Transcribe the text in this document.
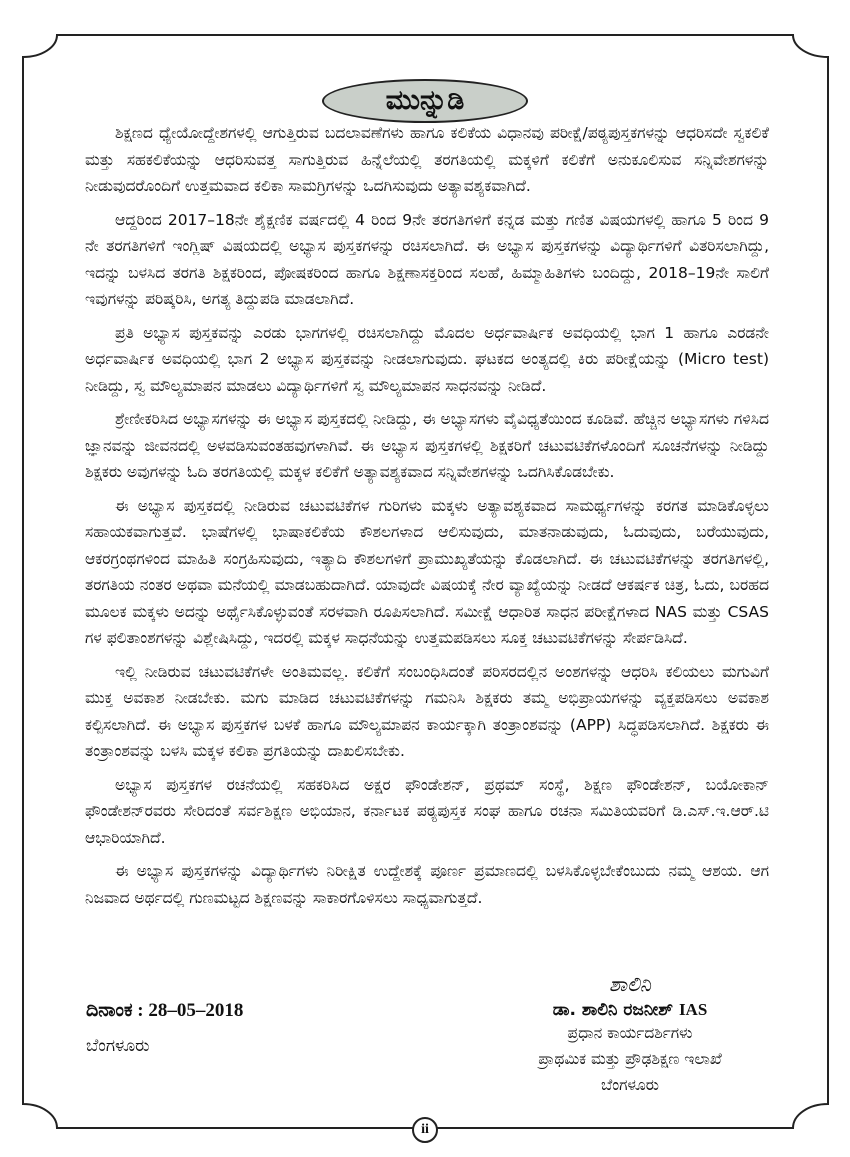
ಮುನ್ನುಡಿ

ಶಿಕ್ಷಣದ ಧ್ಯೇಯೋದ್ದೇಶಗಳಲ್ಲಿ ಆಗುತ್ತಿರುವ ಬದಲಾವಣೆಗಳು ಹಾಗೂ ಕಲಿಕೆಯ ವಿಧಾನವು ಪರೀಕ್ಷೆ/ಪಠ್ಯಪುಸ್ತಕಗಳನ್ನು ಆಧರಿಸದೇ ಸ್ವಕಲಿಕೆ ಮತ್ತು ಸಹಕಲಿಕೆಯನ್ನು ಆಧರಿಸುವತ್ತ ಸಾಗುತ್ತಿರುವ ಹಿನ್ನೆಲೆಯಲ್ಲಿ ತರಗತಿಯಲ್ಲಿ ಮಕ್ಕಳಿಗೆ ಕಲಿಕೆಗೆ ಅನುಕೂಲಿಸುವ ಸನ್ನಿವೇಶಗಳನ್ನು ನೀಡುವುದರೊಂದಿಗೆ ಉತ್ತಮವಾದ ಕಲಿಕಾ ಸಾಮಗ್ರಿಗಳನ್ನು ಒದಗಿಸುವುದು ಅತ್ಯಾವಶ್ಯಕವಾಗಿದೆ.

ಆದ್ದರಿಂದ 2017–18ನೇ ಶೈಕ್ಷಣಿಕ ವರ್ಷದಲ್ಲಿ 4 ರಿಂದ 9ನೇ ತರಗತಿಗಳಿಗೆ ಕನ್ನಡ ಮತ್ತು ಗಣಿತ ವಿಷಯಗಳಲ್ಲಿ ಹಾಗೂ 5 ರಿಂದ 9 ನೇ ತರಗತಿಗಳಿಗೆ ಇಂಗ್ಲಿಷ್ ವಿಷಯದಲ್ಲಿ ಅಭ್ಯಾಸ ಪುಸ್ತಕಗಳನ್ನು ರಚಿಸಲಾಗಿದೆ. ಈ ಅಭ್ಯಾಸ ಪುಸ್ತಕಗಳನ್ನು ವಿದ್ಯಾರ್ಥಿಗಳಿಗೆ ವಿತರಿಸಲಾಗಿದ್ದು, ಇದನ್ನು ಬಳಸಿದ ತರಗತಿ ಶಿಕ್ಷಕರಿಂದ, ಪೋಷಕರಿಂದ ಹಾಗೂ ಶಿಕ್ಷಣಾಸಕ್ತರಿಂದ ಸಲಹೆ, ಹಿಮ್ಮಾಹಿತಿಗಳು ಬಂದಿದ್ದು, 2018–19ನೇ ಸಾಲಿಗೆ ಇವುಗಳನ್ನು ಪರಿಷ್ಕರಿಸಿ, ಅಗತ್ಯ ತಿದ್ದುಪಡಿ ಮಾಡಲಾಗಿದೆ.

ಪ್ರತಿ ಅಭ್ಯಾಸ ಪುಸ್ತಕವನ್ನು ಎರಡು ಭಾಗಗಳಲ್ಲಿ ರಚಿಸಲಾಗಿದ್ದು ಮೊದಲ ಅರ್ಧವಾರ್ಷಿಕ ಅವಧಿಯಲ್ಲಿ ಭಾಗ 1 ಹಾಗೂ ಎರಡನೇ ಅರ್ಧವಾರ್ಷಿಕ ಅವಧಿಯಲ್ಲಿ ಭಾಗ 2 ಅಭ್ಯಾಸ ಪುಸ್ತಕವನ್ನು ನೀಡಲಾಗುವುದು. ಘಟಕದ ಅಂತ್ಯದಲ್ಲಿ ಕಿರು ಪರೀಕ್ಷೆಯನ್ನು (Micro test) ನೀಡಿದ್ದು, ಸ್ವ ಮೌಲ್ಯಮಾಪನ ಮಾಡಲು ವಿದ್ಯಾರ್ಥಿಗಳಿಗೆ ಸ್ವ ಮೌಲ್ಯಮಾಪನ ಸಾಧನವನ್ನು ನೀಡಿದೆ.

ಶ್ರೇಣೀಕರಿಸಿದ ಅಭ್ಯಾಸಗಳನ್ನು ಈ ಅಭ್ಯಾಸ ಪುಸ್ತಕದಲ್ಲಿ ನೀಡಿದ್ದು, ಈ ಅಭ್ಯಾಸಗಳು ವೈವಿಧ್ಯತೆಯಿಂದ ಕೂಡಿವೆ. ಹೆಚ್ಚಿನ ಅಭ್ಯಾಸಗಳು ಗಳಿಸಿದ ಜ್ಞಾನವನ್ನು ಜೀವನದಲ್ಲಿ ಅಳವಡಿಸುವಂತಹವುಗಳಾಗಿವೆ. ಈ ಅಭ್ಯಾಸ ಪುಸ್ತಕಗಳಲ್ಲಿ ಶಿಕ್ಷಕರಿಗೆ ಚಟುವಟಿಕೆಗಳೊಂದಿಗೆ ಸೂಚನೆಗಳನ್ನು ನೀಡಿದ್ದು ಶಿಕ್ಷಕರು ಅವುಗಳನ್ನು ಓದಿ ತರಗತಿಯಲ್ಲಿ ಮಕ್ಕಳ ಕಲಿಕೆಗೆ ಅತ್ಯಾವಶ್ಯಕವಾದ ಸನ್ನಿವೇಶಗಳನ್ನು ಒದಗಿಸಿಕೊಡಬೇಕು.

ಈ ಅಭ್ಯಾಸ ಪುಸ್ತಕದಲ್ಲಿ ನೀಡಿರುವ ಚಟುವಟಿಕೆಗಳ ಗುರಿಗಳು ಮಕ್ಕಳು ಅತ್ಯಾವಶ್ಯಕವಾದ ಸಾಮರ್ಥ್ಯಗಳನ್ನು ಕರಗತ ಮಾಡಿಕೊಳ್ಳಲು ಸಹಾಯಕವಾಗುತ್ತವೆ. ಭಾಷೆಗಳಲ್ಲಿ ಭಾಷಾಕಲಿಕೆಯ ಕೌಶಲಗಳಾದ ಆಲಿಸುವುದು, ಮಾತನಾಡುವುದು, ಓದುವುದು, ಬರೆಯುವುದು, ಆಕರಗ್ರಂಥಗಳಿಂದ ಮಾಹಿತಿ ಸಂಗ್ರಹಿಸುವುದು, ಇತ್ಯಾದಿ ಕೌಶಲಗಳಿಗೆ ಪ್ರಾಮುಖ್ಯತೆಯನ್ನು ಕೊಡಲಾಗಿದೆ. ಈ ಚಟುವಟಿಕೆಗಳನ್ನು ತರಗತಿಗಳಲ್ಲಿ, ತರಗತಿಯ ನಂತರ ಅಥವಾ ಮನೆಯಲ್ಲಿ ಮಾಡಬಹುದಾಗಿದೆ. ಯಾವುದೇ ವಿಷಯಕ್ಕೆ ನೇರ ವ್ಯಾಖ್ಯೆಯನ್ನು ನೀಡದೆ ಆಕರ್ಷಕ ಚಿತ್ರ, ಓದು, ಬರಹದ ಮೂಲಕ ಮಕ್ಕಳು ಅದನ್ನು ಅರ್ಥೈಸಿಕೊಳ್ಳುವಂತೆ ಸರಳವಾಗಿ ರೂಪಿಸಲಾಗಿದೆ. ಸಮೀಕ್ಷೆ ಆಧಾರಿತ ಸಾಧನ ಪರೀಕ್ಷೆಗಳಾದ NAS ಮತ್ತು CSAS ಗಳ ಫಲಿತಾಂಶಗಳನ್ನು ವಿಶ್ಲೇಷಿಸಿದ್ದು, ಇದರಲ್ಲಿ ಮಕ್ಕಳ ಸಾಧನೆಯನ್ನು ಉತ್ತಮಪಡಿಸಲು ಸೂಕ್ತ ಚಟುವಟಿಕೆಗಳನ್ನು ಸೇರ್ಪಡಿಸಿದೆ.

ಇಲ್ಲಿ ನೀಡಿರುವ ಚಟುವಟಿಕೆಗಳೇ ಅಂತಿಮವಲ್ಲ. ಕಲಿಕೆಗೆ ಸಂಬಂಧಿಸಿದಂತೆ ಪರಿಸರದಲ್ಲಿನ ಅಂಶಗಳನ್ನು ಆಧರಿಸಿ ಕಲಿಯಲು ಮಗುವಿಗೆ ಮುಕ್ತ ಅವಕಾಶ ನೀಡಬೇಕು. ಮಗು ಮಾಡಿದ ಚಟುವಟಿಕೆಗಳನ್ನು ಗಮನಿಸಿ ಶಿಕ್ಷಕರು ತಮ್ಮ ಅಭಿಪ್ರಾಯಗಳನ್ನು ವ್ಯಕ್ತಪಡಿಸಲು ಅವಕಾಶ ಕಲ್ಪಿಸಲಾಗಿದೆ. ಈ ಅಭ್ಯಾಸ ಪುಸ್ತಕಗಳ ಬಳಕೆ ಹಾಗೂ ಮೌಲ್ಯಮಾಪನ ಕಾರ್ಯಕ್ಕಾಗಿ ತಂತ್ರಾಂಶವನ್ನು (APP) ಸಿದ್ಧಪಡಿಸಲಾಗಿದೆ. ಶಿಕ್ಷಕರು ಈ ತಂತ್ರಾಂಶವನ್ನು ಬಳಸಿ ಮಕ್ಕಳ ಕಲಿಕಾ ಪ್ರಗತಿಯನ್ನು ದಾಖಲಿಸಬೇಕು.

ಅಭ್ಯಾಸ ಪುಸ್ತಕಗಳ ರಚನೆಯಲ್ಲಿ ಸಹಕರಿಸಿದ ಅಕ್ಷರ ಫೌಂಡೇಶನ್, ಪ್ರಥಮ್ ಸಂಸ್ಥೆ, ಶಿಕ್ಷಣ ಫೌಂಡೇಶನ್, ಬಯೋಕಾನ್ ಫೌಂಡೇಶನ್‌ರವರು ಸೇರಿದಂತೆ ಸರ್ವಶಿಕ್ಷಣ ಅಭಿಯಾನ, ಕರ್ನಾಟಕ ಪಠ್ಯಪುಸ್ತಕ ಸಂಘ ಹಾಗೂ ರಚನಾ ಸಮಿತಿಯವರಿಗೆ ಡಿ.ಎಸ್.ಇ.ಆರ್.ಟಿ ಆಭಾರಿಯಾಗಿದೆ.

ಈ ಅಭ್ಯಾಸ ಪುಸ್ತಕಗಳನ್ನು ವಿದ್ಯಾರ್ಥಿಗಳು ನಿರೀಕ್ಷಿತ ಉದ್ದೇಶಕ್ಕೆ ಪೂರ್ಣ ಪ್ರಮಾಣದಲ್ಲಿ ಬಳಸಿಕೊಳ್ಳಬೇಕೆಂಬುದು ನಮ್ಮ ಆಶಯ. ಆಗ ನಿಜವಾದ ಅರ್ಥದಲ್ಲಿ ಗುಣಮಟ್ಟದ ಶಿಕ್ಷಣವನ್ನು ಸಾಕಾರಗೊಳಿಸಲು ಸಾಧ್ಯವಾಗುತ್ತದೆ.

ದಿನಾಂಕ : 28–05–2018
ಬೆಂಗಳೂರು
ಶಾಲಿನಿ
ಡಾ. ಶಾಲಿನಿ ರಜನೀಶ್ IAS
ಪ್ರಧಾನ ಕಾರ್ಯದರ್ಶಿಗಳು
ಪ್ರಾಥಮಿಕ ಮತ್ತು ಪ್ರೌಢಶಿಕ್ಷಣ ಇಲಾಖೆ
ಬೆಂಗಳೂರು
ii
